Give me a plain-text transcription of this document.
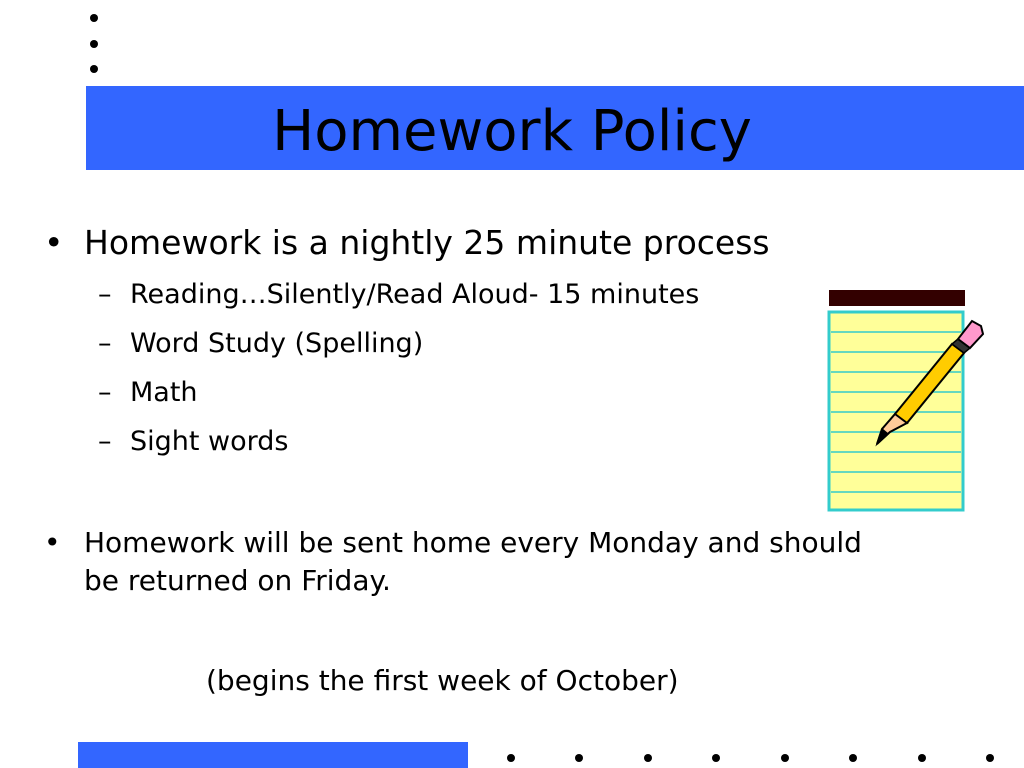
Homework Policy
• Homework is a nightly 25 minute process
– Reading…Silently/Read Aloud- 15 minutes
– Word Study (Spelling)
– Math
– Sight words
• Homework will be sent home every Monday and should be returned on Friday.
(begins the first week of October)
